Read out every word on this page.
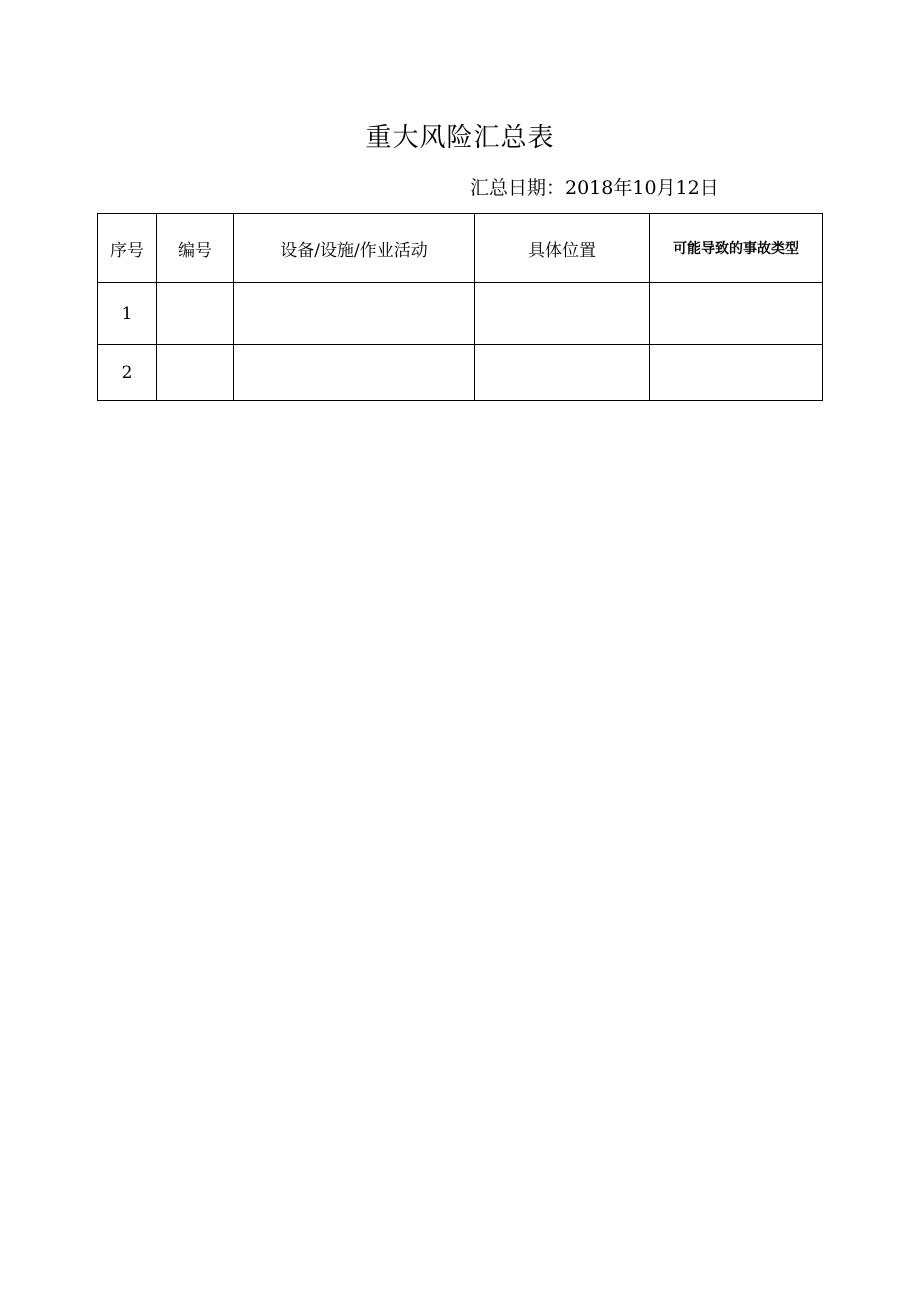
重大风险汇总表
汇总日期：2018年10月12日
序号	编号	设备/设施/作业活动	具体位置	可能导致的事故类型
1				
2				
